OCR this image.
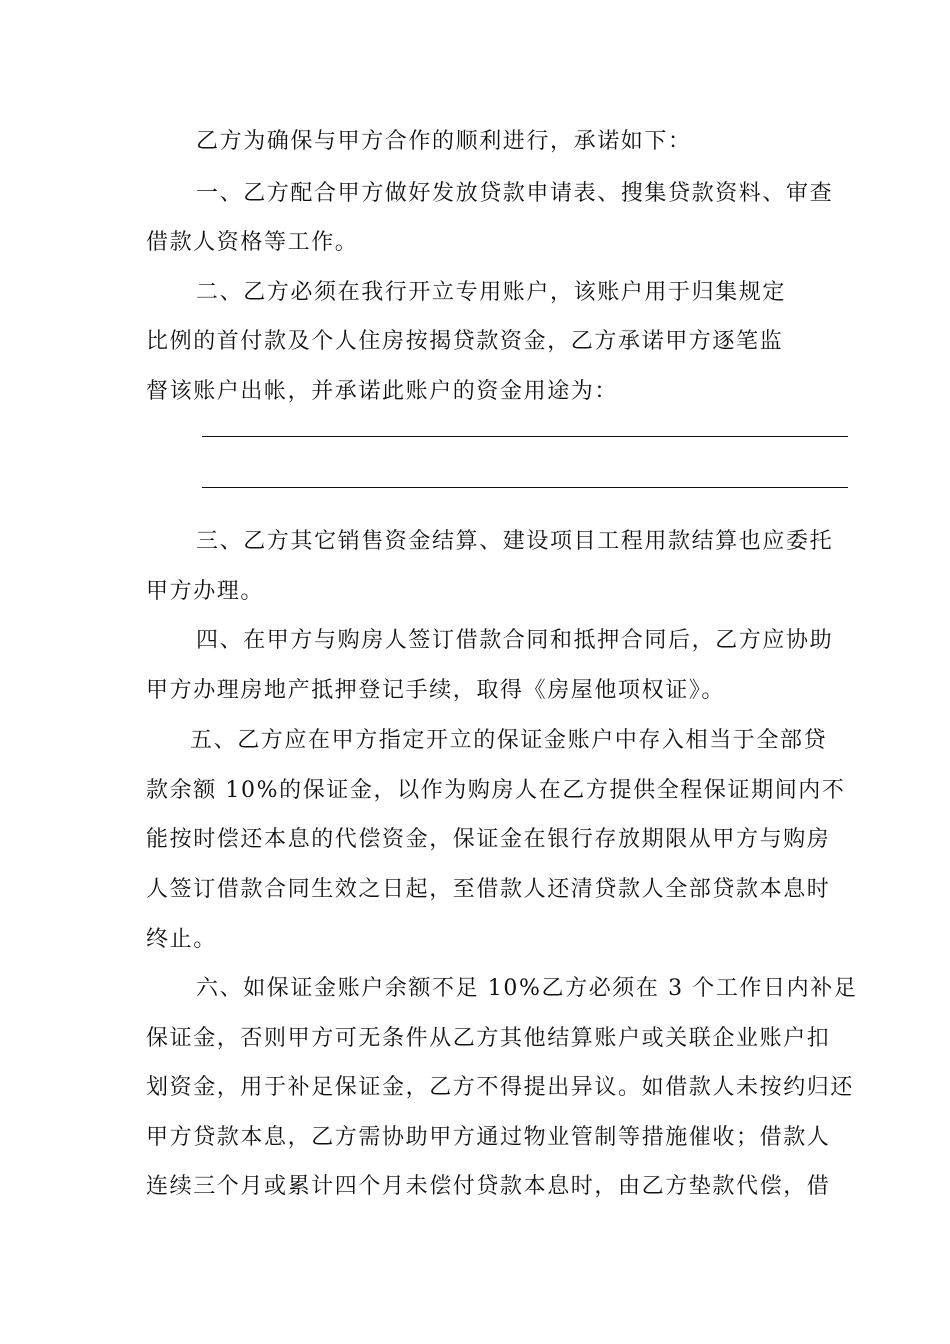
乙方为确保与甲方合作的顺利进行，承诺如下：
一、乙方配合甲方做好发放贷款申请表、搜集贷款资料、审查
借款人资格等工作。
二、乙方必须在我行开立专用账户，该账户用于归集规定
比例的首付款及个人住房按揭贷款资金，乙方承诺甲方逐笔监
督该账户出帐，并承诺此账户的资金用途为：
三、乙方其它销售资金结算、建设项目工程用款结算也应委托
甲方办理。
四、在甲方与购房人签订借款合同和抵押合同后，乙方应协助
甲方办理房地产抵押登记手续，取得《房屋他项权证》。
五、乙方应在甲方指定开立的保证金账户中存入相当于全部贷
款余额 10%的保证金，以作为购房人在乙方提供全程保证期间内不
能按时偿还本息的代偿资金，保证金在银行存放期限从甲方与购房
人签订借款合同生效之日起，至借款人还清贷款人全部贷款本息时
终止。
六、如保证金账户余额不足 10%乙方必须在 3 个工作日内补足
保证金，否则甲方可无条件从乙方其他结算账户或关联企业账户扣
划资金，用于补足保证金，乙方不得提出异议。如借款人未按约归还
甲方贷款本息，乙方需协助甲方通过物业管制等措施催收；借款人
连续三个月或累计四个月未偿付贷款本息时，由乙方垫款代偿，借
